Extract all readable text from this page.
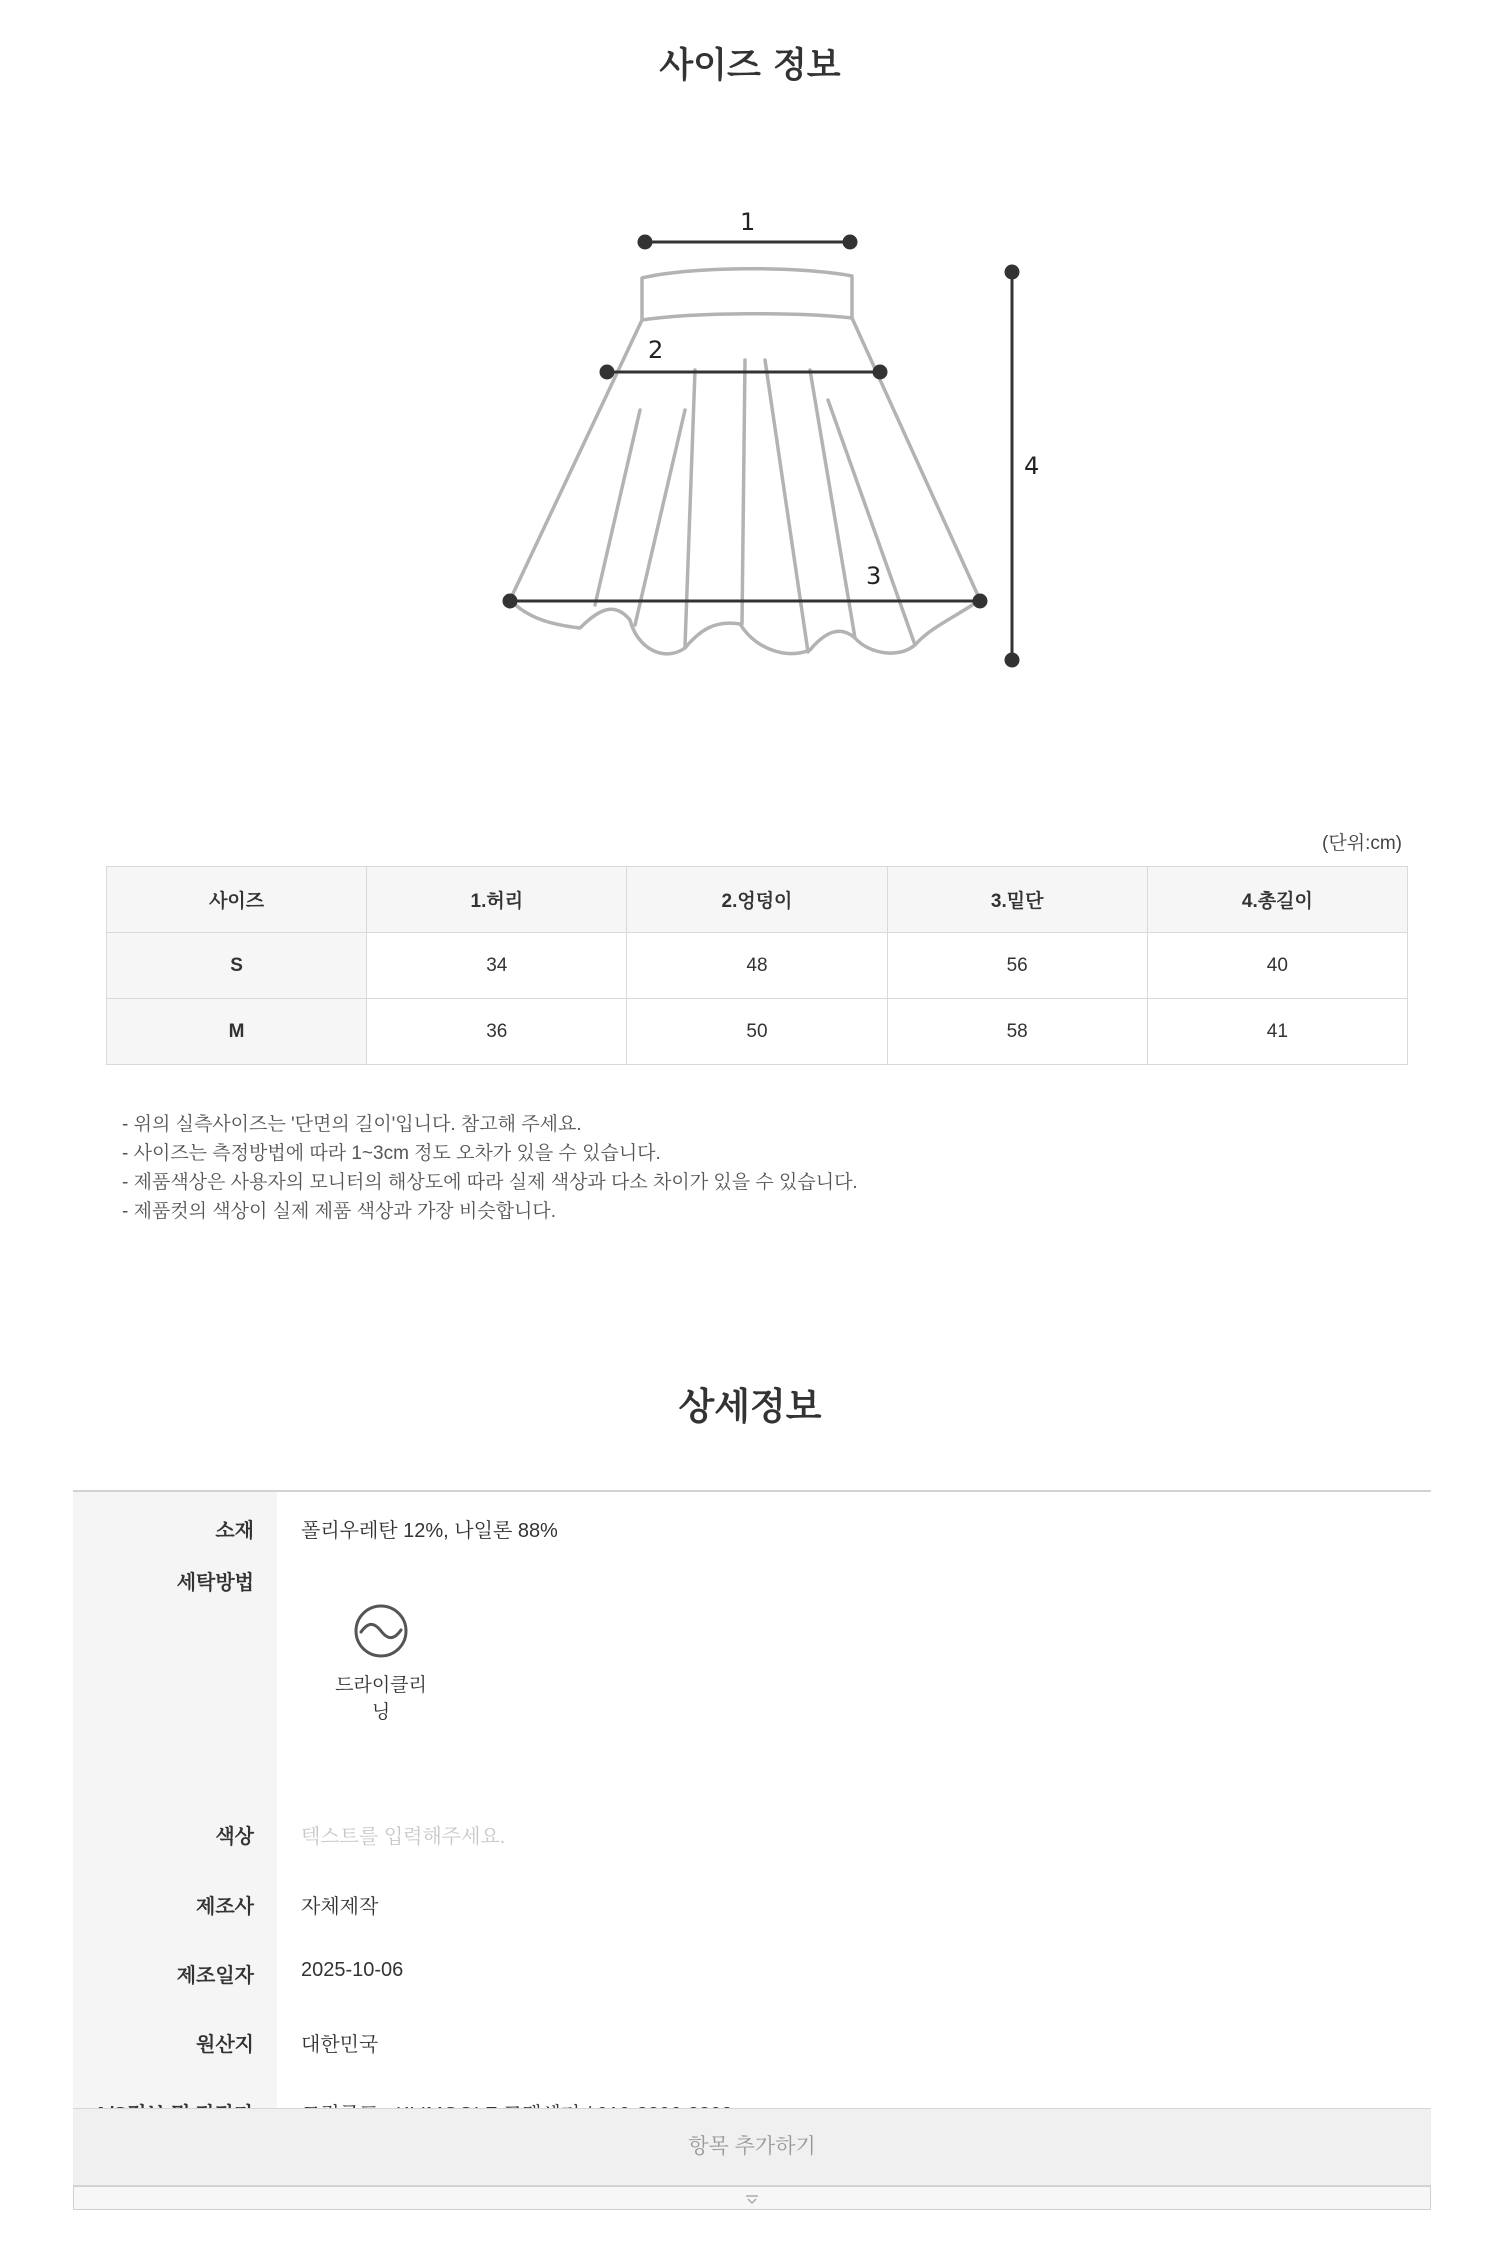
사이즈 정보
1
2
3
4
(단위:cm)
사이즈	1.허리	2.엉덩이	3.밑단	4.총길이
S	34	48	56	40
M	36	50	58	41
- 위의 실측사이즈는 '단면의 길이'입니다. 참고해 주세요.
- 사이즈는 측정방법에 따라 1~3cm 정도 오차가 있을 수 있습니다.
- 제품색상은 사용자의 모니터의 해상도에 따라 실제 색상과 다소 차이가 있을 수 있습니다.
- 제품컷의 색상이 실제 제품 색상과 가장 비슷합니다.
상세정보
소재 폴리우레탄 12%, 나일론 88%
세탁방법
드라이클리닝
색상 텍스트를 입력해주세요.
제조사 자체제작
제조일자 2025-10-06
원산지 대한민국
항목 추가하기
